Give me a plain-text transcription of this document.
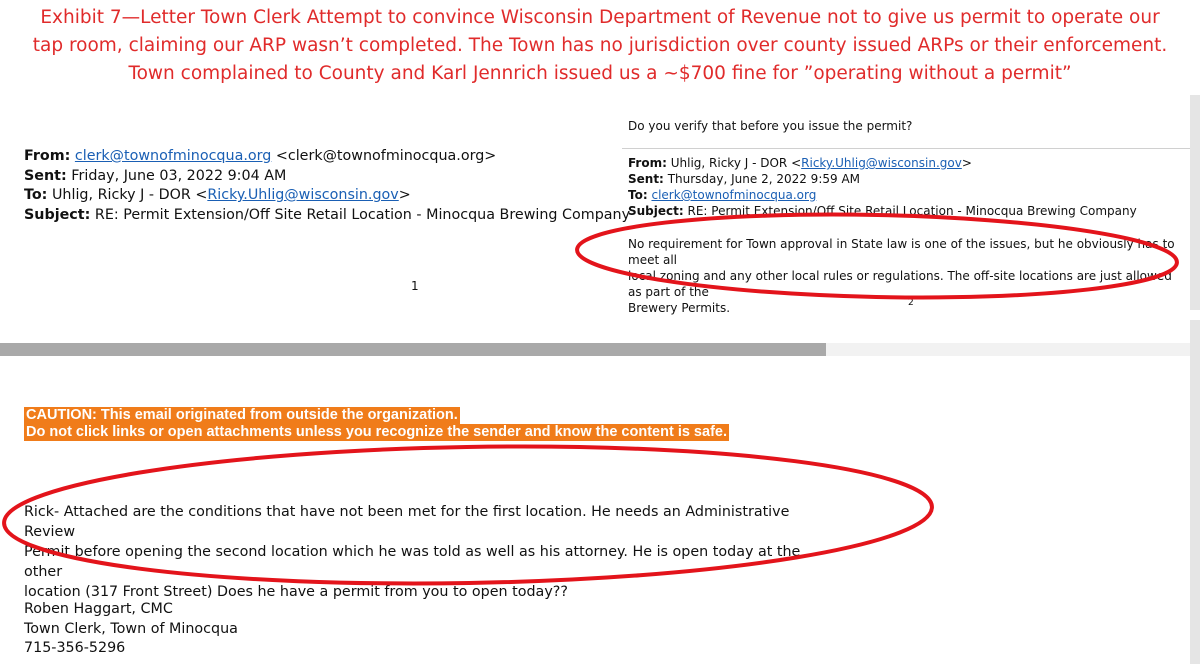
Exhibit 7—Letter Town Clerk Attempt to convince Wisconsin Department of Revenue not to give us permit to operate our
tap room, claiming our ARP wasn’t completed. The Town has no jurisdiction over county issued ARPs or their enforcement.
Town complained to County and Karl Jennrich issued us a ~$700 fine for ”operating without a permit”
From: clerk@townofminocqua.org <clerk@townofminocqua.org>
Sent: Friday, June 03, 2022 9:04 AM
To: Uhlig, Ricky J - DOR <Ricky.Uhlig@wisconsin.gov>
Subject: RE: Permit Extension/Off Site Retail Location - Minocqua Brewing Company
1
Do you verify that before you issue the permit?
From: Uhlig, Ricky J - DOR <Ricky.Uhlig@wisconsin.gov>
Sent: Thursday, June 2, 2022 9:59 AM
To: clerk@townofminocqua.org
Subject: RE: Permit Extension/Off Site Retail Location - Minocqua Brewing Company
No requirement for Town approval in State law is one of the issues, but he obviously has to meet all
local zoning and any other local rules or regulations. The off-site locations are just allowed as part of the
Brewery Permits.	2
CAUTION: This email originated from outside the organization.
Do not click links or open attachments unless you recognize the sender and know the content is safe.
Rick- Attached are the conditions that have not been met for the first location. He needs an Administrative Review
Permit before opening the second location which he was told as well as his attorney. He is open today at the other
location (317 Front Street) Does he have a permit from you to open today??
Roben Haggart, CMC
Town Clerk, Town of Minocqua
715-356-5296
